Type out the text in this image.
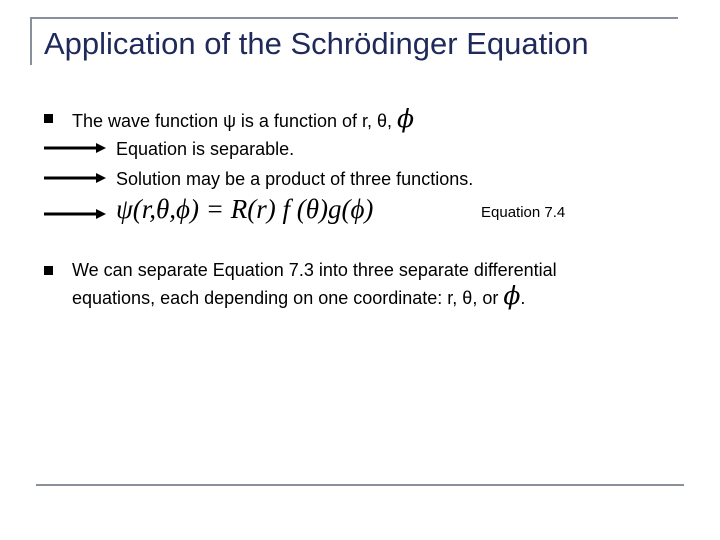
Application of the Schrödinger Equation
The wave function ψ is a function of r, θ, ϕ
Equation is separable.
Solution may be a product of three functions.
ψ(r,θ,ϕ) = R(r) f (θ)g(ϕ)	Equation 7.4
We can separate Equation 7.3 into three separate differential
equations, each depending on one coordinate: r, θ, or ϕ.
